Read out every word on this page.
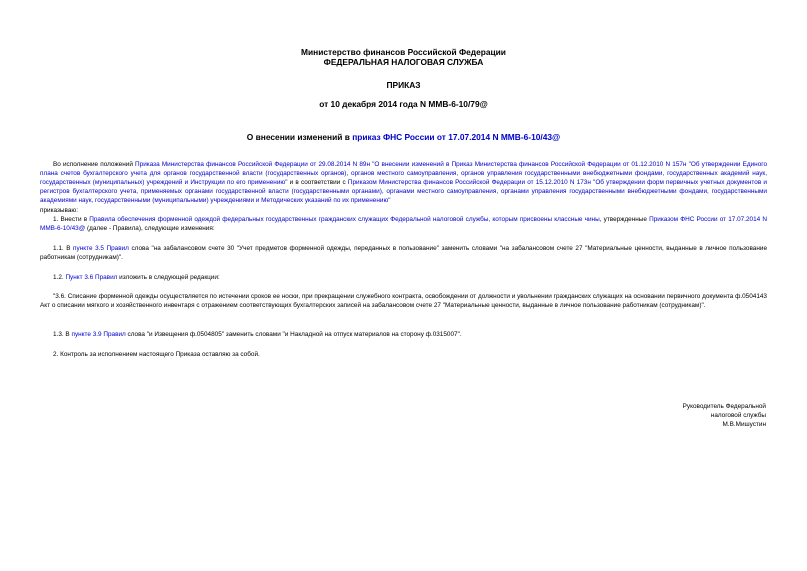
Министерство финансов Российской Федерации
ФЕДЕРАЛЬНАЯ НАЛОГОВАЯ СЛУЖБА
ПРИКАЗ
от 10 декабря 2014 года N ММВ-6-10/79@
О внесении изменений в приказ ФНС России от 17.07.2014 N ММВ-6-10/43@
Во исполнение положений Приказа Министерства финансов Российской Федерации от 29.08.2014 N 89н "О внесении изменений в Приказ Министерства финансов Российской Федерации от 01.12.2010 N 157н "Об утверждении Единого плана счетов бухгалтерского учета для органов государственной власти (государственных органов), органов местного самоуправления, органов управления государственными внебюджетными фондами, государственных академий наук, государственных (муниципальных) учреждений и Инструкции по его применению" и в соответствии с Приказом Министерства финансов Российской Федерации от 15.12.2010 N 173н "Об утверждении форм первичных учетных документов и регистров бухгалтерского учета, применяемых органами государственной власти (государственными органами), органами местного самоуправления, органами управления государственными внебюджетными фондами, государственными академиями наук, государственными (муниципальными) учреждениями и Методических указаний по их применению"
приказываю:
1. Внести в Правила обеспечения форменной одеждой федеральных государственных гражданских служащих Федеральной налоговой службы, которым присвоены классные чины, утвержденные Приказом ФНС России от 17.07.2014 N ММВ-6-10/43@ (далее - Правила), следующие изменения:
1.1. В пункте 3.5 Правил слова "на забалансовом счете 30 "Учет предметов форменной одежды, переданных в пользование" заменить словами "на забалансовом счете 27 "Материальные ценности, выданные в личное пользование работникам (сотрудникам)".
1.2. Пункт 3.6 Правил изложить в следующей редакции:
"3.6. Списание форменной одежды осуществляется по истечении сроков ее носки, при прекращении служебного контракта, освобождении от должности и увольнении гражданских служащих на основании первичного документа ф.0504143 Акт о списании мягкого и хозяйственного инвентаря с отражением соответствующих бухгалтерских записей на забалансовом счете 27 "Материальные ценности, выданные в личное пользование работникам (сотрудникам)".
1.3. В пункте 3.9 Правил слова "и Извещения ф.0504805" заменить словами "и Накладной на отпуск материалов на сторону ф.0315007".
2. Контроль за исполнением настоящего Приказа оставляю за собой.
Руководитель Федеральной
налоговой службы
М.В.Мишустин
